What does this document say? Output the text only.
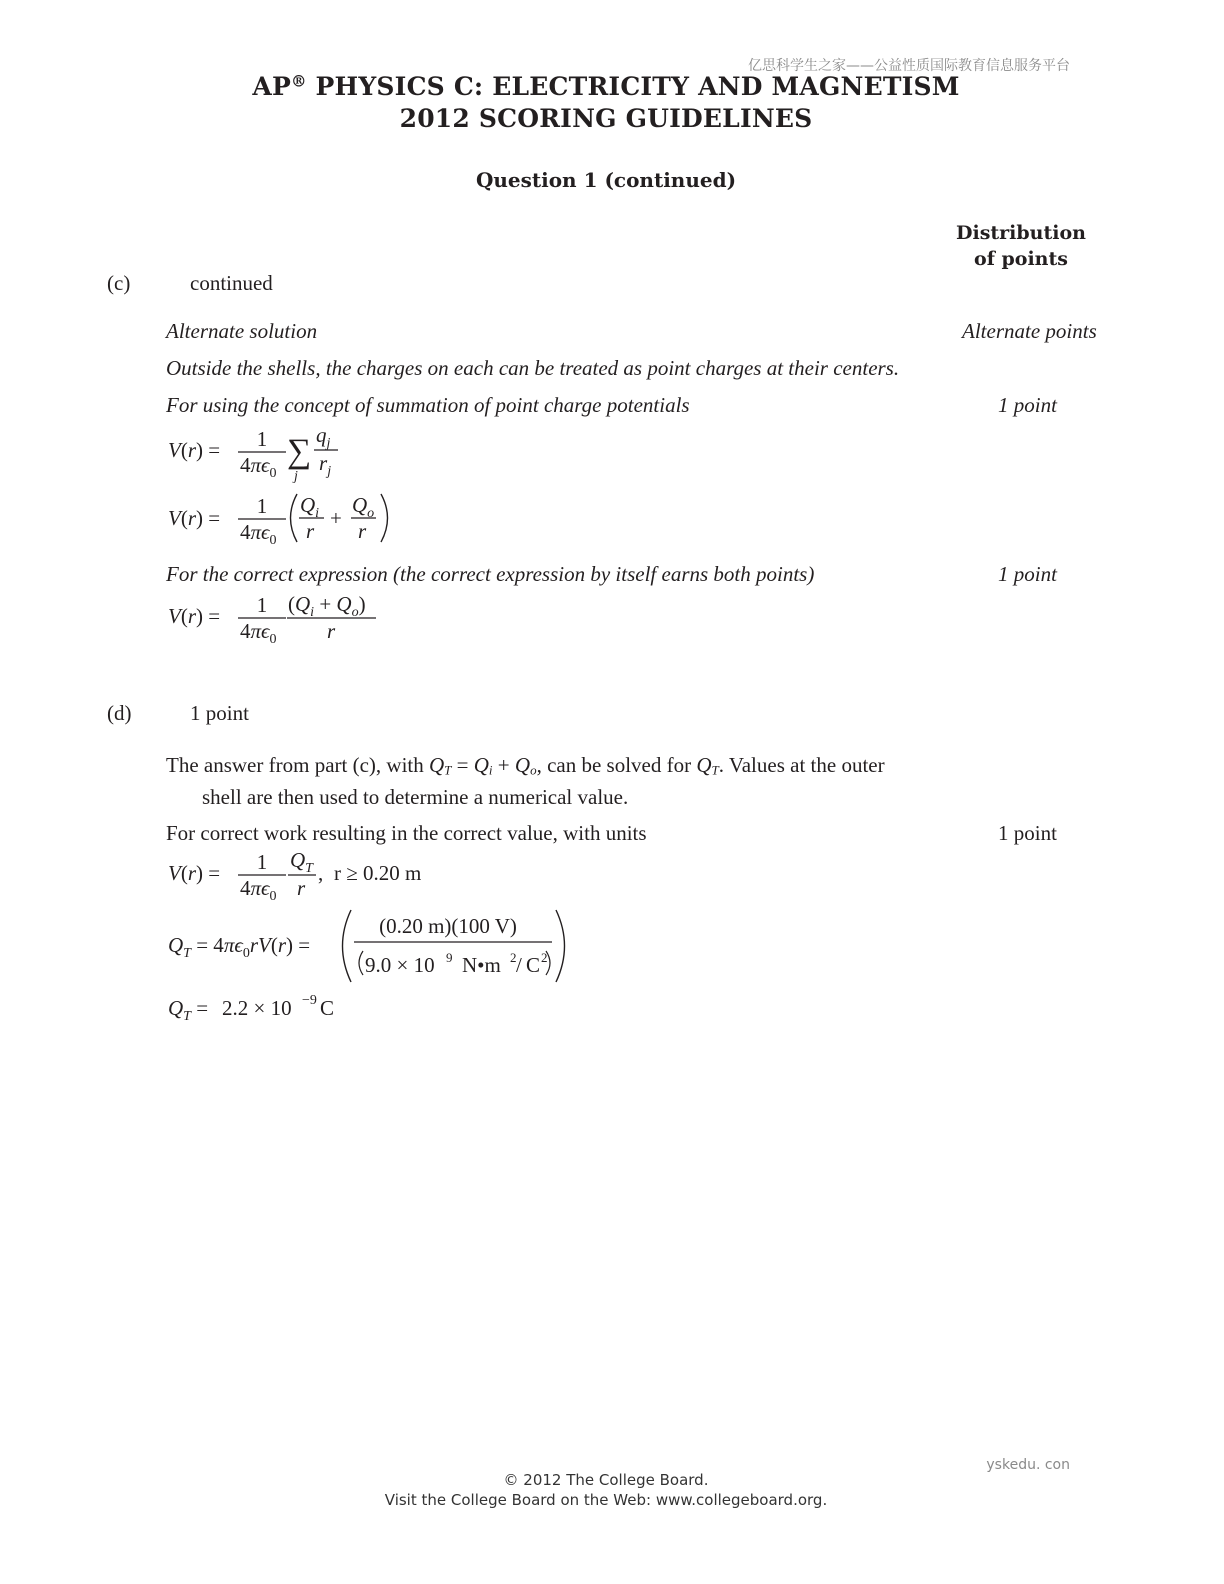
亿思科学生之家——公益性质国际教育信息服务平台
yskedu. con
AP® PHYSICS C: ELECTRICITY AND MAGNETISM
2012 SCORING GUIDELINES
Question 1 (continued)
Distribution
of points
(c)	continued
Alternate solution	Alternate points
Outside the shells, the charges on each can be treated as point charges at their centers.
For using the concept of summation of point charge potentials	1 point
V(r) = 1
$4\pi\epsilon_0$
∑
j
$q_j$
$r_j$
V(r) = 1
$4\pi\epsilon_0$
$Q_i$
r
+
$Q_o$
r
For the correct expression (the correct expression by itself earns both points)	1 point
V(r) = 1
$4\pi\epsilon_0$
$(Q_i + Q_o)$
r
(d)	1 point
The answer from part (c), with $Q_T = Q_i + Q_o$, can be solved for $Q_T$. Values at the outer
shell are then used to determine a numerical value.
For correct work resulting in the correct value, with units	1 point
V(r) = 1
$4\pi\epsilon_0$
$Q_T$
r
, r ≥ 0.20 m
$Q_T = 4\pi\epsilon_0rV(r)$ =
(0.20 m)(100 V)
9.0 × 10 9 N•m 2 / C 2
$Q_T = 2.2 \times 10 -9$ C
© 2012 The College Board.
Visit the College Board on the Web: www.collegeboard.org.
